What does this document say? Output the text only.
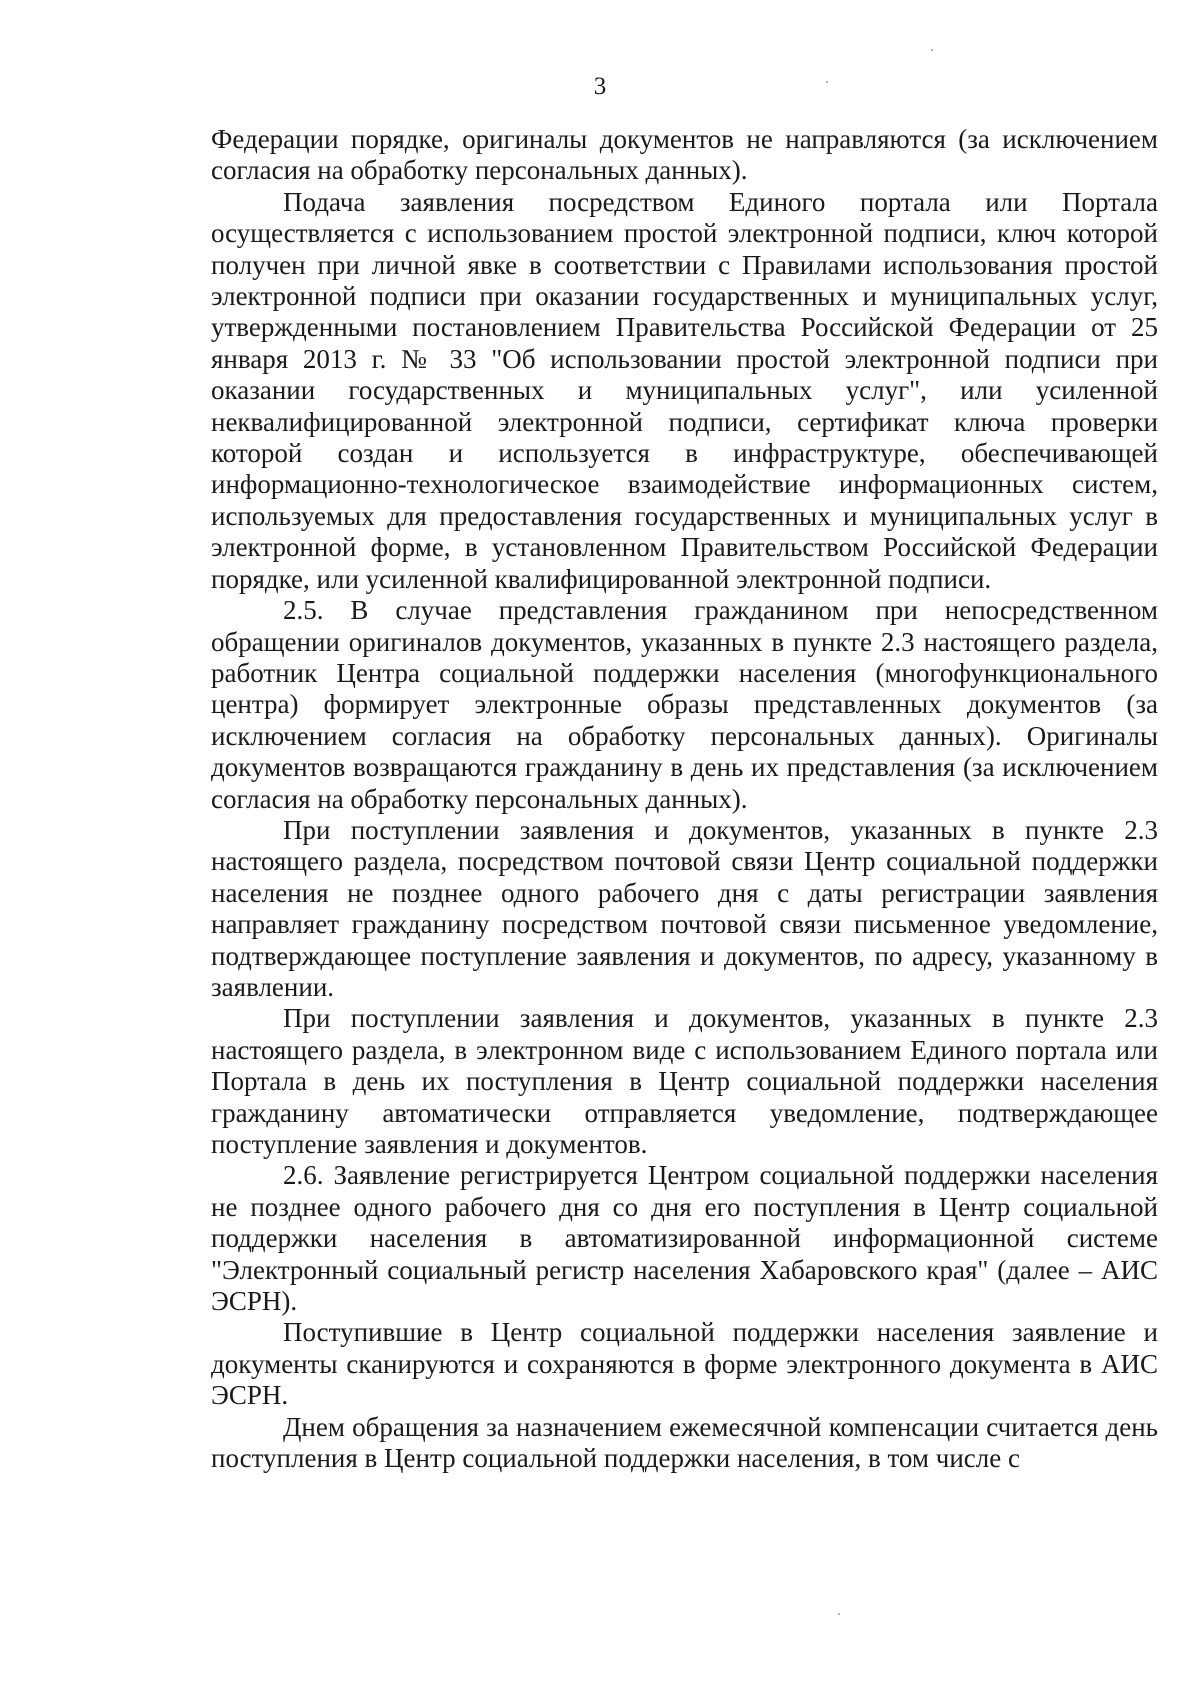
3

Федерации порядке, оригиналы документов не направляются (за исключением согласия на обработку персональных данных).

Подача заявления посредством Единого портала или Портала осуществляется с использованием простой электронной подписи, ключ которой получен при личной явке в соответствии с Правилами использования простой электронной подписи при оказании государственных и муниципальных услуг, утвержденными постановлением Правительства Российской Федерации от 25 января 2013 г. № 33 "Об использовании простой электронной подписи при оказании государственных и муниципальных услуг", или усиленной неквалифицированной электронной подписи, сертификат ключа проверки которой создан и используется в инфраструктуре, обеспечивающей информационно-технологическое взаимодействие информационных систем, используемых для предоставления государственных и муниципальных услуг в электронной форме, в установленном Правительством Российской Федерации порядке, или усиленной квалифицированной электронной подписи.

2.5. В случае представления гражданином при непосредственном обращении оригиналов документов, указанных в пункте 2.3 настоящего раздела, работник Центра социальной поддержки населения (многофункционального центра) формирует электронные образы представленных документов (за исключением согласия на обработку персональных данных). Оригиналы документов возвращаются гражданину в день их представления (за исключением согласия на обработку персональных данных).

При поступлении заявления и документов, указанных в пункте 2.3 настоящего раздела, посредством почтовой связи Центр социальной поддержки населения не позднее одного рабочего дня с даты регистрации заявления направляет гражданину посредством почтовой связи письменное уведомление, подтверждающее поступление заявления и документов, по адресу, указанному в заявлении.

При поступлении заявления и документов, указанных в пункте 2.3 настоящего раздела, в электронном виде с использованием Единого портала или Портала в день их поступления в Центр социальной поддержки населения гражданину автоматически отправляется уведомление, подтверждающее поступление заявления и документов.

2.6. Заявление регистрируется Центром социальной поддержки населения не позднее одного рабочего дня со дня его поступления в Центр социальной поддержки населения в автоматизированной информационной системе "Электронный социальный регистр населения Хабаровского края" (далее – АИС ЭСРН).

Поступившие в Центр социальной поддержки населения заявление и документы сканируются и сохраняются в форме электронного документа в АИС ЭСРН.

Днем обращения за назначением ежемесячной компенсации считается день поступления в Центр социальной поддержки населения, в том числе с
